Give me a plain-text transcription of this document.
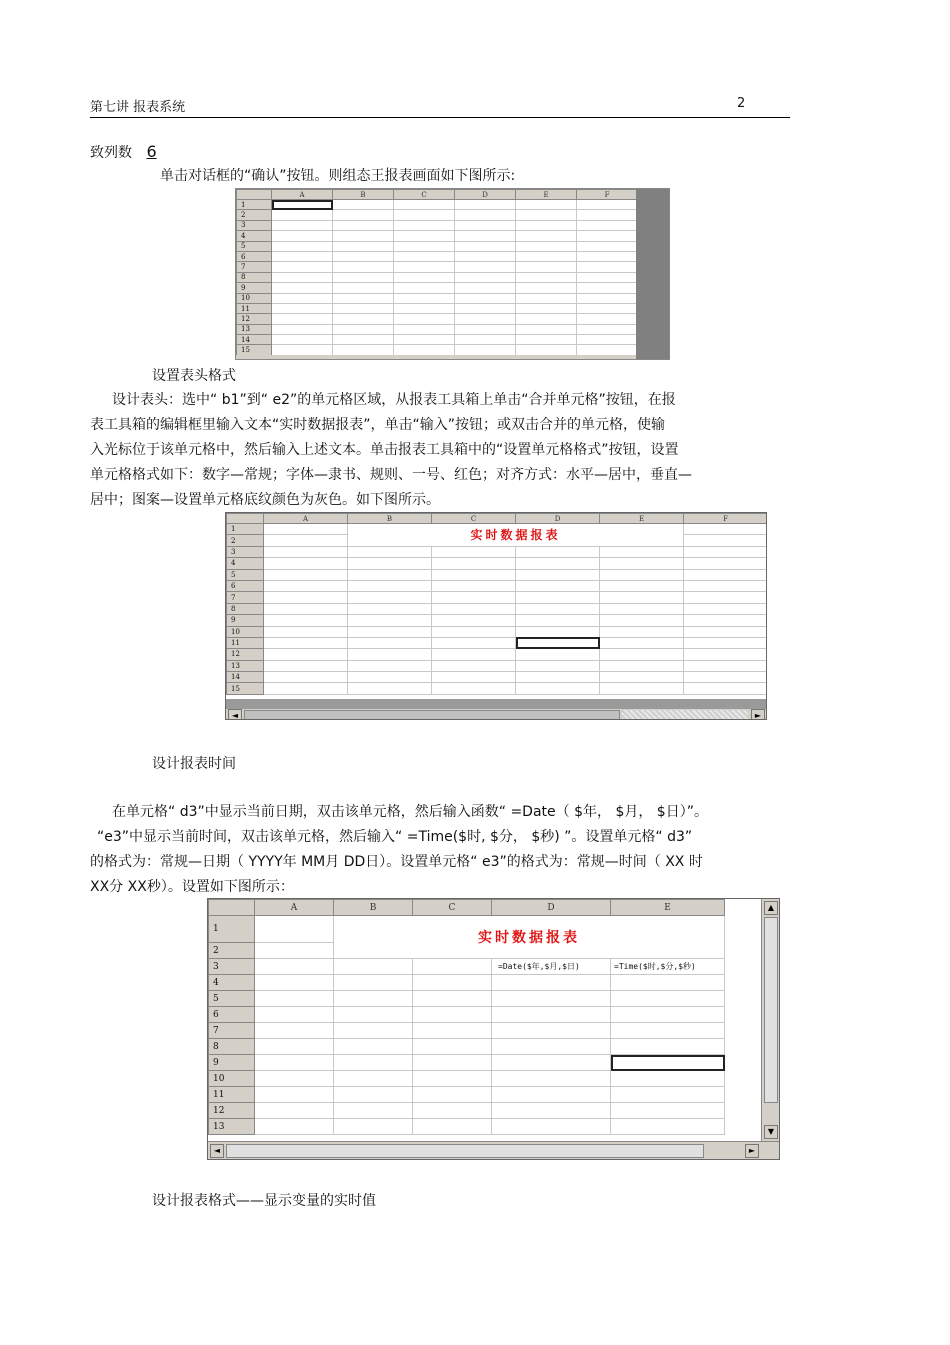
第七讲 报表系统	2
致列数 6
单击对话框的“确认”按钮。则组态王报表画面如下图所示:
	A	B	C	D	E	F
1						
2						
3						
4						
5						
6						
7						
8						
9						
10						
11						
12						
13						
14						
15						
设置表头格式
设计表头：选中“ b1”到“ e2”的单元格区域，从报表工具箱上单击“合并单元格”按钮，在报
表工具箱的编辑框里输入文本“实时数据报表”，单击“输入”按钮；或双击合并的单元格，使输
入光标位于该单元格中，然后输入上述文本。单击报表工具箱中的“设置单元格格式”按钮，设置
单元格格式如下：数字—常规；字体—隶书、规则、一号、红色；对齐方式：水平—居中，垂直—
居中；图案—设置单元格底纹颜色为灰色。如下图所示。
	A	B	C	D	E	F
1		实时数据报表				
2						
3						
4						
5						
6						
7						
8						
9						
10						
11						
12						
13						
14						
15						
◄	►
设计报表时间
在单元格“ d3”中显示当前日期，双击该单元格，然后输入函数“ =Date（ $年， $月， $日）”。
“e3”中显示当前时间，双击该单元格，然后输入“ =Time($时, $分， $秒) ”。设置单元格“ d3”
的格式为：常规—日期（ YYYY年 MM月 DD日）。设置单元格“ e3”的格式为：常规—时间（ XX 时
XX分 XX秒）。设置如下图所示：
	A	B	C	D	E
1		实时数据报表			
2					
3				=Date($年,$月,$日)	=Time($时,$分,$秒)
4					
5					
6					
7					
8					
9					
10					
11					
12					
13					
▲
▼
◄	►
设计报表格式——显示变量的实时值
